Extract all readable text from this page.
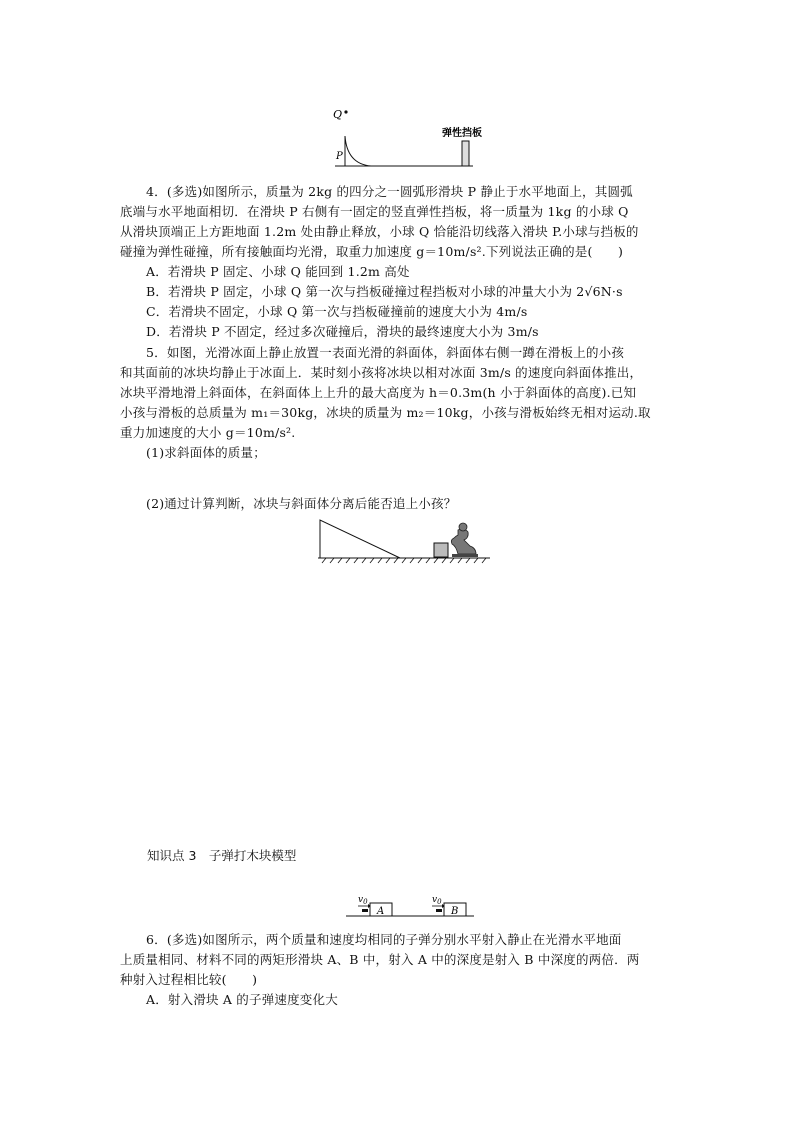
Q
P
弹性挡板
4．(多选)如图所示，质量为 2kg 的四分之一圆弧形滑块 P 静止于水平地面上，其圆弧
底端与水平地面相切．在滑块 P 右侧有一固定的竖直弹性挡板，将一质量为 1kg 的小球 Q
从滑块顶端正上方距地面 1.2m 处由静止释放，小球 Q 恰能沿切线落入滑块 P.小球与挡板的
碰撞为弹性碰撞，所有接触面均光滑，取重力加速度 g＝10m/s².下列说法正确的是(　　)
A．若滑块 P 固定、小球 Q 能回到 1.2m 高处
B．若滑块 P 固定，小球 Q 第一次与挡板碰撞过程挡板对小球的冲量大小为 2√6N·s
C．若滑块不固定，小球 Q 第一次与挡板碰撞前的速度大小为 4m/s
D．若滑块 P 不固定，经过多次碰撞后，滑块的最终速度大小为 3m/s
5．如图，光滑冰面上静止放置一表面光滑的斜面体，斜面体右侧一蹲在滑板上的小孩
和其面前的冰块均静止于冰面上．某时刻小孩将冰块以相对冰面 3m/s 的速度向斜面体推出，
冰块平滑地滑上斜面体，在斜面体上上升的最大高度为 h＝0.3m(h 小于斜面体的高度).已知
小孩与滑板的总质量为 m₁＝30kg，冰块的质量为 m₂＝10kg，小孩与滑板始终无相对运动.取
重力加速度的大小 g＝10m/s².
(1)求斜面体的质量；
(2)通过计算判断，冰块与斜面体分离后能否追上小孩？
知识点 3　子弹打木块模型
$v_0$
A
$v_0$
B
6．(多选)如图所示，两个质量和速度均相同的子弹分别水平射入静止在光滑水平地面
上质量相同、材料不同的两矩形滑块 A、B 中，射入 A 中的深度是射入 B 中深度的两倍．两
种射入过程相比较(　　)
A．射入滑块 A 的子弹速度变化大
